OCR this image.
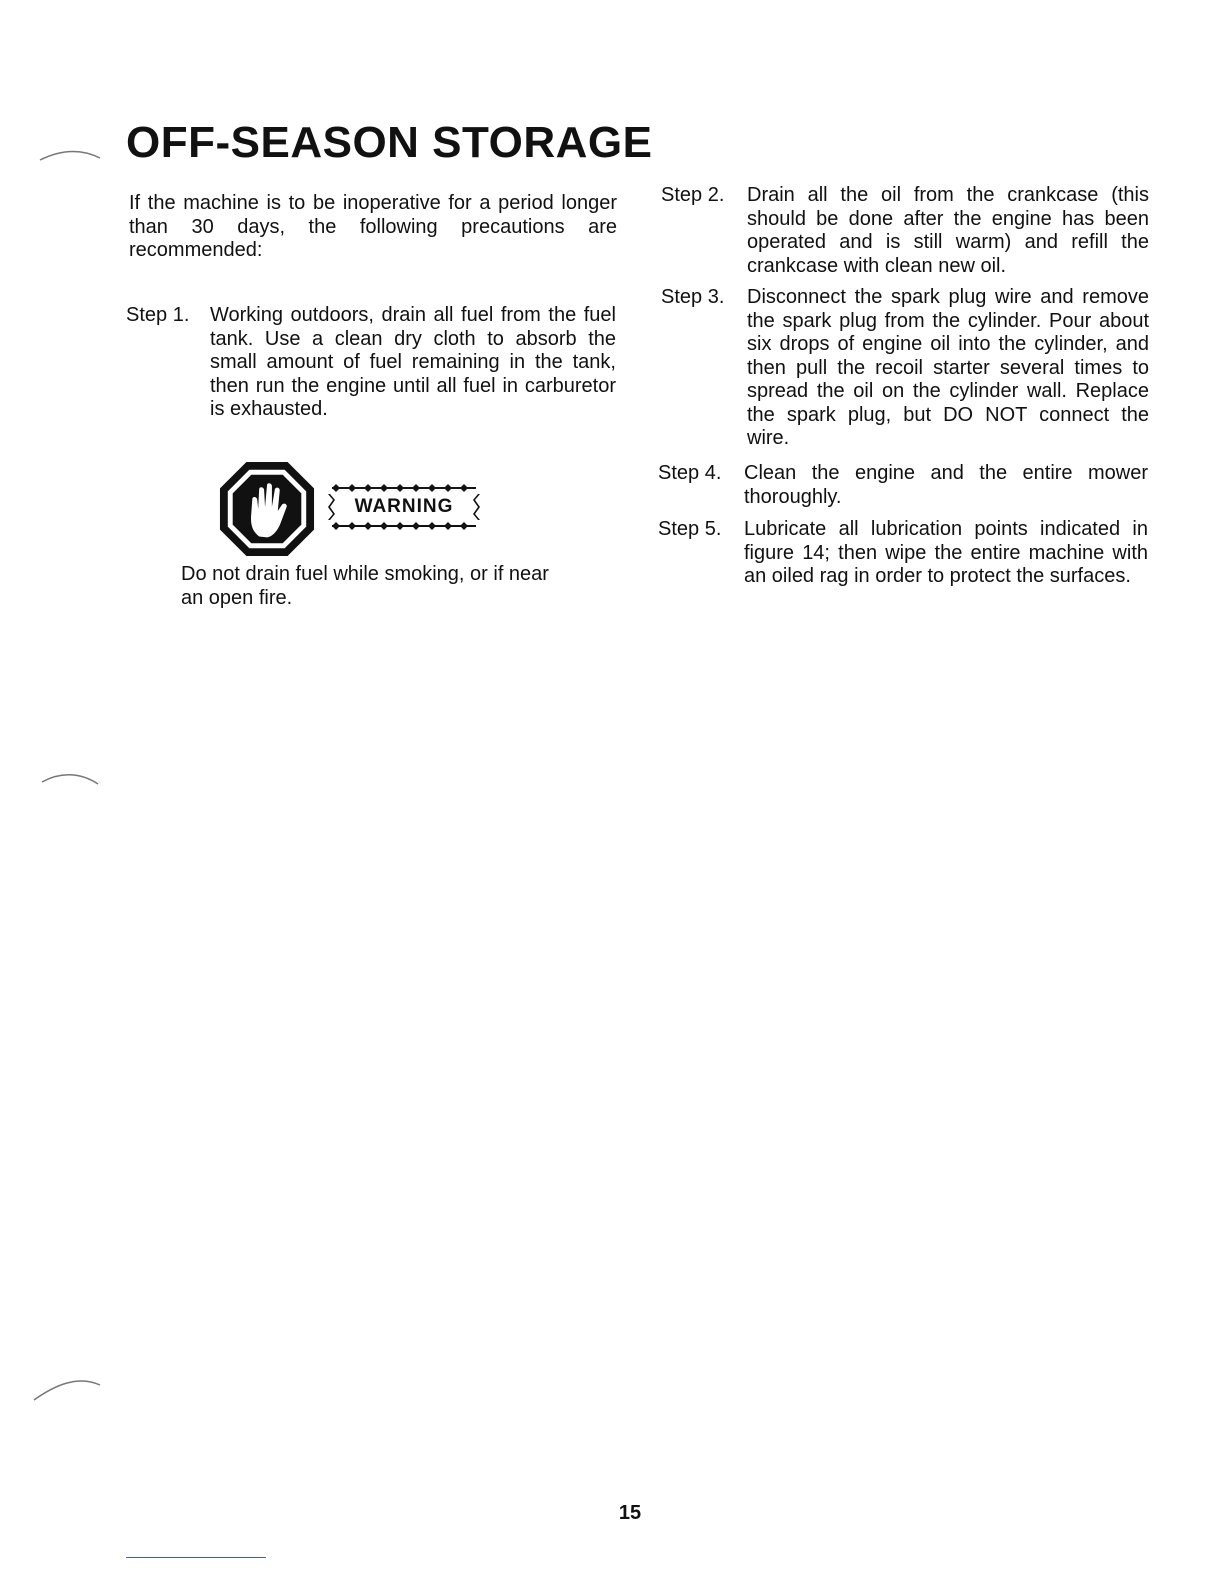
OFF-SEASON STORAGE

If the machine is to be inoperative for a period longer than 30 days, the following precautions are recommended:

Step 1.	Working outdoors, drain all fuel from the fuel tank. Use a clean dry cloth to absorb the small amount of fuel remaining in the tank, then run the engine until all fuel in carburetor is exhausted.
WARNING

Do not drain fuel while smoking, or if near an open fire.

Step 2.	Drain all the oil from the crankcase (this should be done after the engine has been operated and is still warm) and refill the crankcase with clean new oil.
Step 3.	Disconnect the spark plug wire and remove the spark plug from the cylinder. Pour about six drops of engine oil into the cylinder, and then pull the recoil starter several times to spread the oil on the cylinder wall. Replace the spark plug, but DO NOT connect the wire.
Step 4.	Clean the engine and the entire mower thoroughly.
Step 5.	Lubricate all lubrication points indicated in figure 14; then wipe the entire machine with an oiled rag in order to protect the surfaces.
15
